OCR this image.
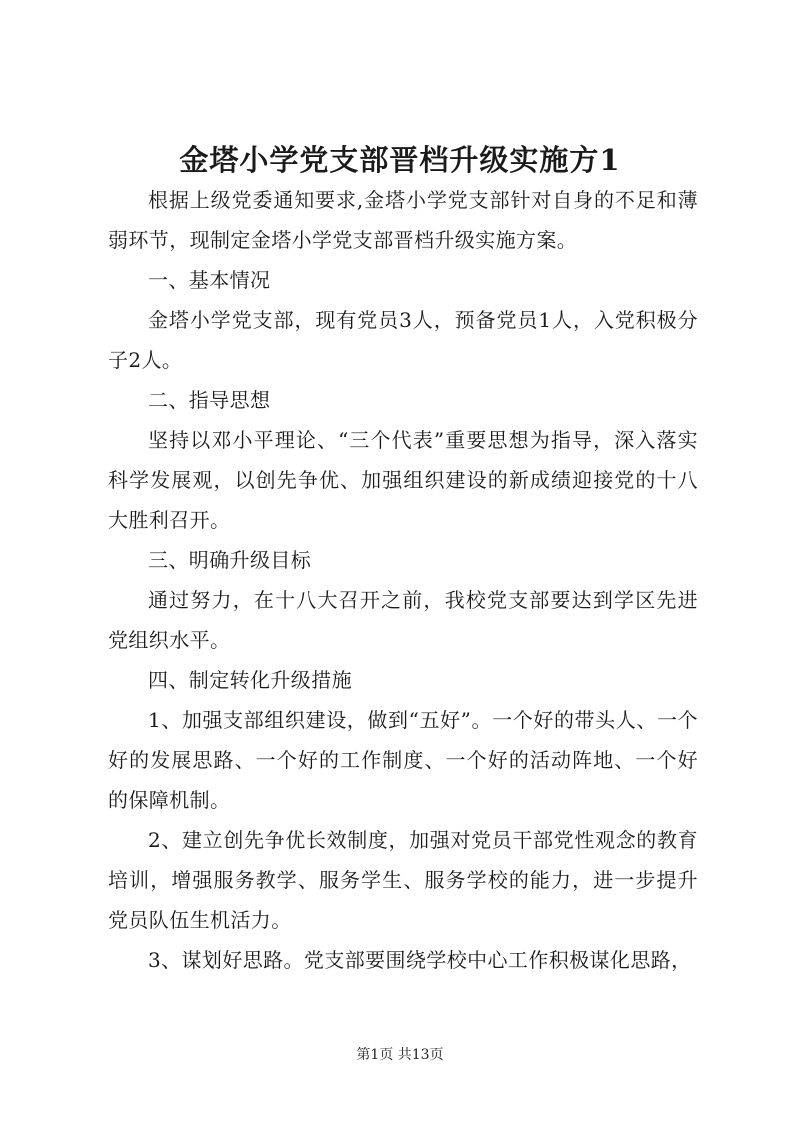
金塔小学党支部晋档升级实施方1

根据上级党委通知要求,金塔小学党支部针对自身的不足和薄弱环节，现制定金塔小学党支部晋档升级实施方案。

一、基本情况

金塔小学党支部，现有党员3人，预备党员1人，入党积极分子2人。

二、指导思想

坚持以邓小平理论、“三个代表”重要思想为指导，深入落实科学发展观，以创先争优、加强组织建设的新成绩迎接党的十八大胜利召开。

三、明确升级目标

通过努力，在十八大召开之前，我校党支部要达到学区先进党组织水平。

四、制定转化升级措施

1、加强支部组织建设，做到“五好”。一个好的带头人、一个好的发展思路、一个好的工作制度、一个好的活动阵地、一个好的保障机制。

2、建立创先争优长效制度，加强对党员干部党性观念的教育培训，增强服务教学、服务学生、服务学校的能力，进一步提升党员队伍生机活力。

3、谋划好思路。党支部要围绕学校中心工作积极谋化思路，

第1页 共13页
